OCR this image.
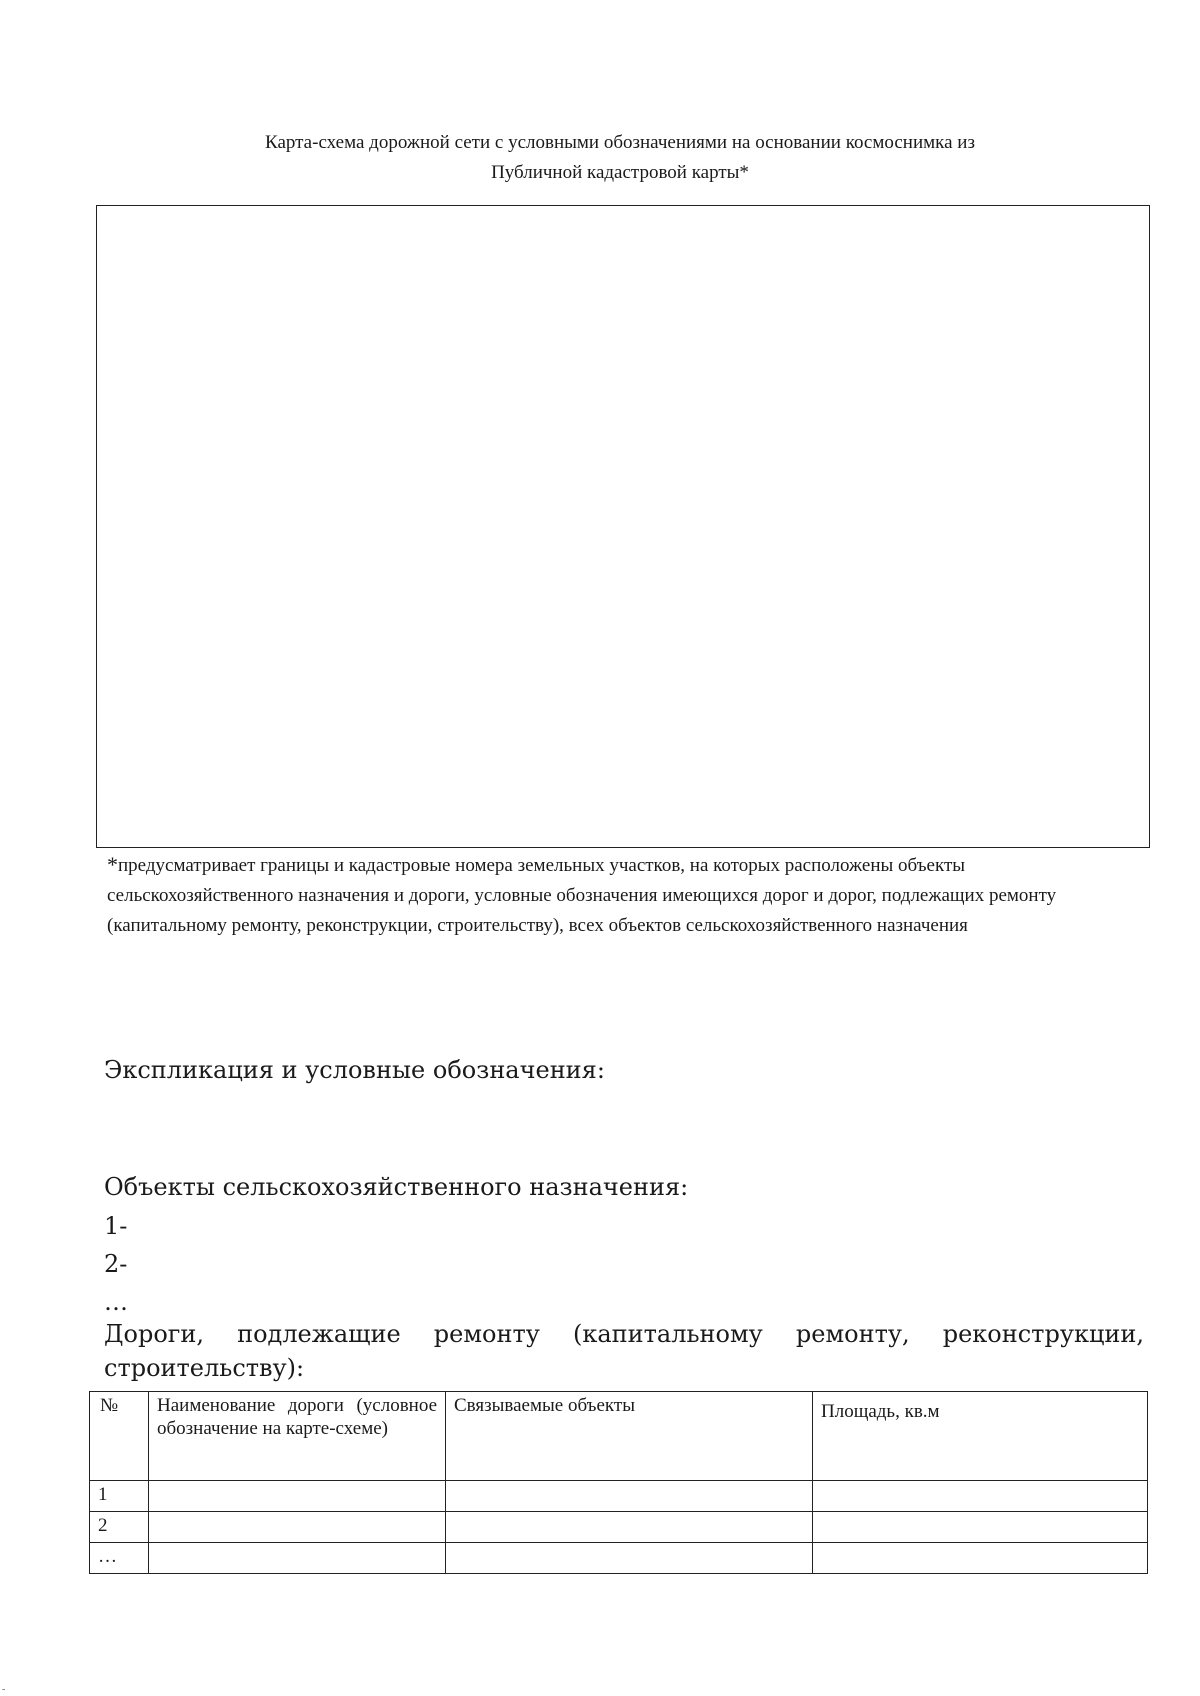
Карта-схема дорожной сети с условными обозначениями на основании космоснимка из
Публичной кадастровой карты*
*предусматривает границы и кадастровые номера земельных участков, на которых расположены объекты сельскохозяйственного назначения и дороги, условные обозначения имеющихся дорог и дорог, подлежащих ремонту (капитальному ремонту, реконструкции, строительству), всех объектов сельскохозяйственного назначения
Экспликация и условные обозначения:
Объекты сельскохозяйственного назначения:
1-
2-
…
Дороги, подлежащие ремонту (капитальному ремонту, реконструкции, строительству):
№	Наименование дороги (условное обозначение на карте-схеме)	Связываемые объекты	Площадь, кв.м
1			
2			
…			
-
